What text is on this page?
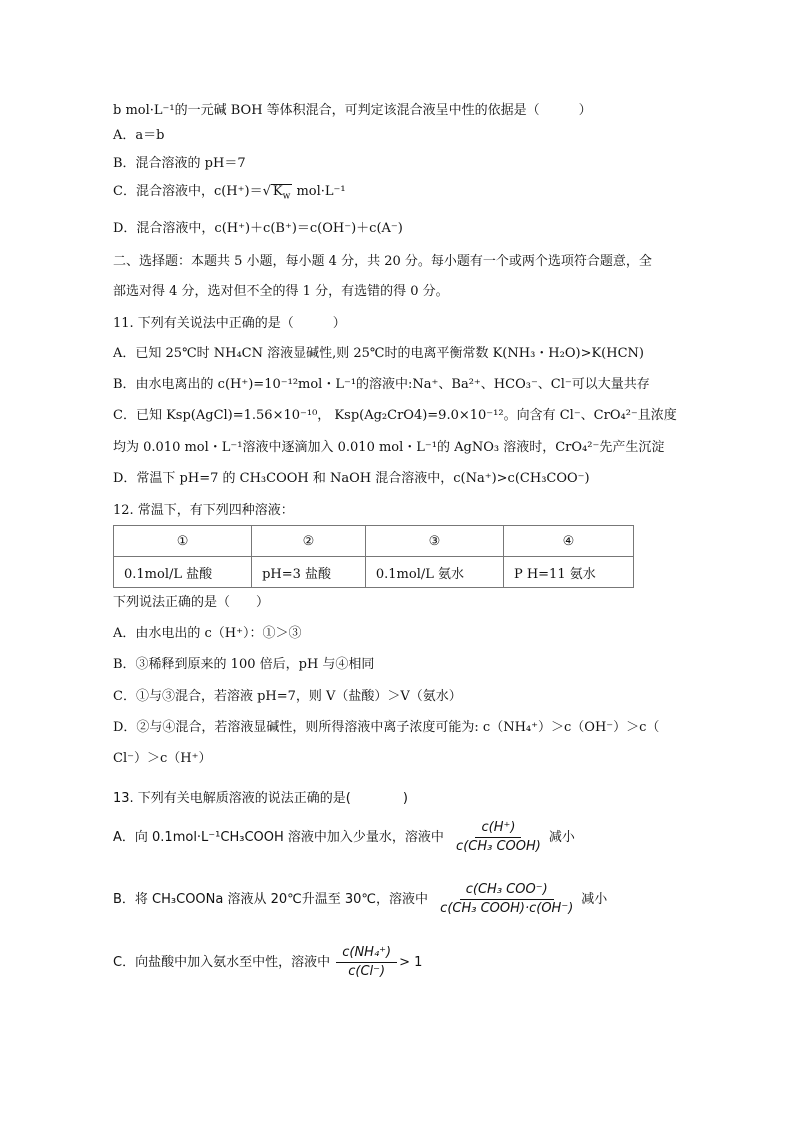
b mol·L⁻¹的一元碱 BOH 等体积混合，可判定该混合液呈中性的依据是（　　　）
A．a＝b
B．混合溶液的 pH＝7
C．混合溶液中，c(H⁺)＝√ $K_w$ mol·L⁻¹
D．混合溶液中，c(H⁺)＋c(B⁺)＝c(OH⁻)＋c(A⁻)
二、选择题：本题共 5 小题，每小题 4 分，共 20 分。每小题有一个或两个选项符合题意，全
部选对得 4 分，选对但不全的得 1 分，有选错的得 0 分。
11. 下列有关说法中正确的是（　　　）
A．已知 25℃时 NH₄CN 溶液显碱性,则 25℃时的电离平衡常数 K(NH₃・H₂O)>K(HCN)
B．由水电离出的 c(H⁺)=10⁻¹²mol・L⁻¹的溶液中:Na⁺、Ba²⁺、HCO₃⁻、Cl⁻可以大量共存
C．已知 Ksp(AgCl)=1.56×10⁻¹⁰， Ksp(Ag₂CrO4)=9.0×10⁻¹²。向含有 Cl⁻、CrO₄²⁻且浓度
均为 0.010 mol・L⁻¹溶液中逐滴加入 0.010 mol・L⁻¹的 AgNO₃ 溶液时，CrO₄²⁻先产生沉淀
D．常温下 pH=7 的 CH₃COOH 和 NaOH 混合溶液中，c(Na⁺)>c(CH₃COO⁻)
12. 常温下，有下列四种溶液：
①	②	③	④
0.1mol/L 盐酸	pH=3 盐酸	0.1mol/L 氨水	P H=11 氨水
下列说法正确的是（　　）
A．由水电出的 c（H⁺）：①＞③
B．③稀释到原来的 100 倍后，pH 与④相同
C．①与③混合，若溶液 pH=7，则 V（盐酸）＞V（氨水）
D．②与④混合，若溶液显碱性，则所得溶液中离子浓度可能为: c（NH₄⁺）＞c（OH⁻）＞c（
Cl⁻）＞c（H⁺）
13. 下列有关电解质溶液的说法正确的是(　　　　)
A．向 0.1mol·L⁻¹CH₃COOH 溶液中加入少量水，溶液中 $\frac{c(H^+)}{\text{c(CH₃ COOH)}}$ 减小
B．将 CH₃COONa 溶液从 20℃升温至 30℃，溶液中 $\frac{\text{c(CH₃ COO⁻)}}{\text{c(CH₃ COOH)·c(OH⁻)}}$ 减小
C．向盐酸中加入氨水至中性，溶液中 $\frac{\text{c(NH₄⁺)}}{c(Cl^-)} > 1$
